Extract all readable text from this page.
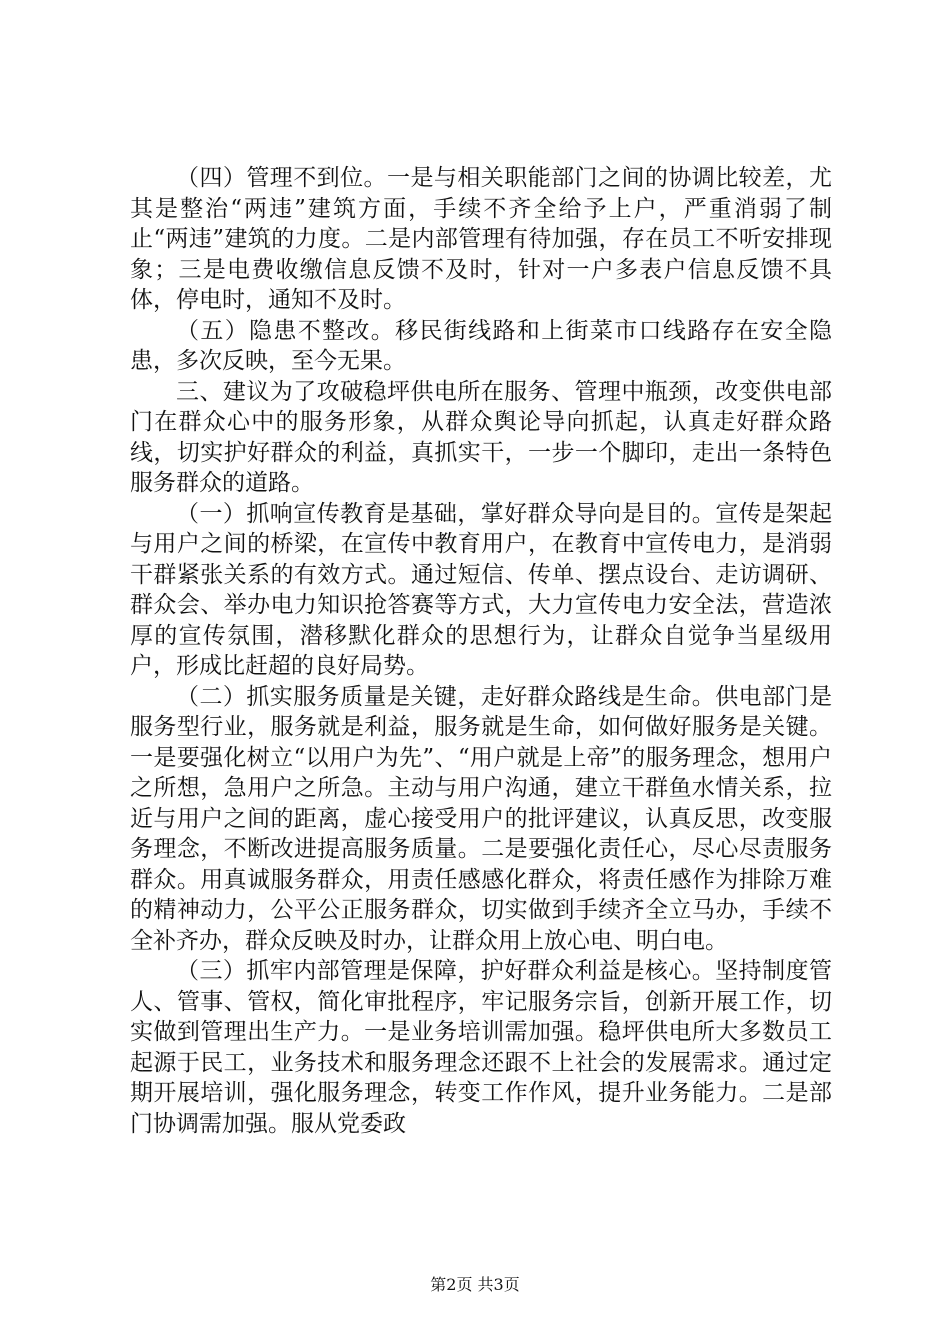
（四）管理不到位。一是与相关职能部门之间的协调比较差，尤其是整治“两违”建筑方面，手续不齐全给予上户，严重消弱了制止“两违”建筑的力度。二是内部管理有待加强，存在员工不听安排现象；三是电费收缴信息反馈不及时，针对一户多表户信息反馈不具体，停电时，通知不及时。

（五）隐患不整改。移民街线路和上街菜市口线路存在安全隐患，多次反映，至今无果。

三、建议为了攻破稳坪供电所在服务、管理中瓶颈，改变供电部门在群众心中的服务形象，从群众舆论导向抓起，认真走好群众路线，切实护好群众的利益，真抓实干，一步一个脚印，走出一条特色服务群众的道路。

（一）抓响宣传教育是基础，掌好群众导向是目的。宣传是架起与用户之间的桥梁，在宣传中教育用户，在教育中宣传电力，是消弱干群紧张关系的有效方式。通过短信、传单、摆点设台、走访调研、群众会、举办电力知识抢答赛等方式，大力宣传电力安全法，营造浓厚的宣传氛围，潜移默化群众的思想行为，让群众自觉争当星级用户，形成比赶超的良好局势。

（二）抓实服务质量是关键，走好群众路线是生命。供电部门是服务型行业，服务就是利益，服务就是生命，如何做好服务是关键。一是要强化树立“以用户为先”、“用户就是上帝”的服务理念，想用户之所想，急用户之所急。主动与用户沟通，建立干群鱼水情关系，拉近与用户之间的距离，虚心接受用户的批评建议，认真反思，改变服务理念，不断改进提高服务质量。二是要强化责任心，尽心尽责服务群众。用真诚服务群众，用责任感感化群众，将责任感作为排除万难的精神动力，公平公正服务群众，切实做到手续齐全立马办，手续不全补齐办，群众反映及时办，让群众用上放心电、明白电。

（三）抓牢内部管理是保障，护好群众利益是核心。坚持制度管人、管事、管权，简化审批程序，牢记服务宗旨，创新开展工作，切实做到管理出生产力。一是业务培训需加强。稳坪供电所大多数员工起源于民工，业务技术和服务理念还跟不上社会的发展需求。通过定期开展培训，强化服务理念，转变工作作风，提升业务能力。二是部门协调需加强。服从党委政

第2页 共3页
